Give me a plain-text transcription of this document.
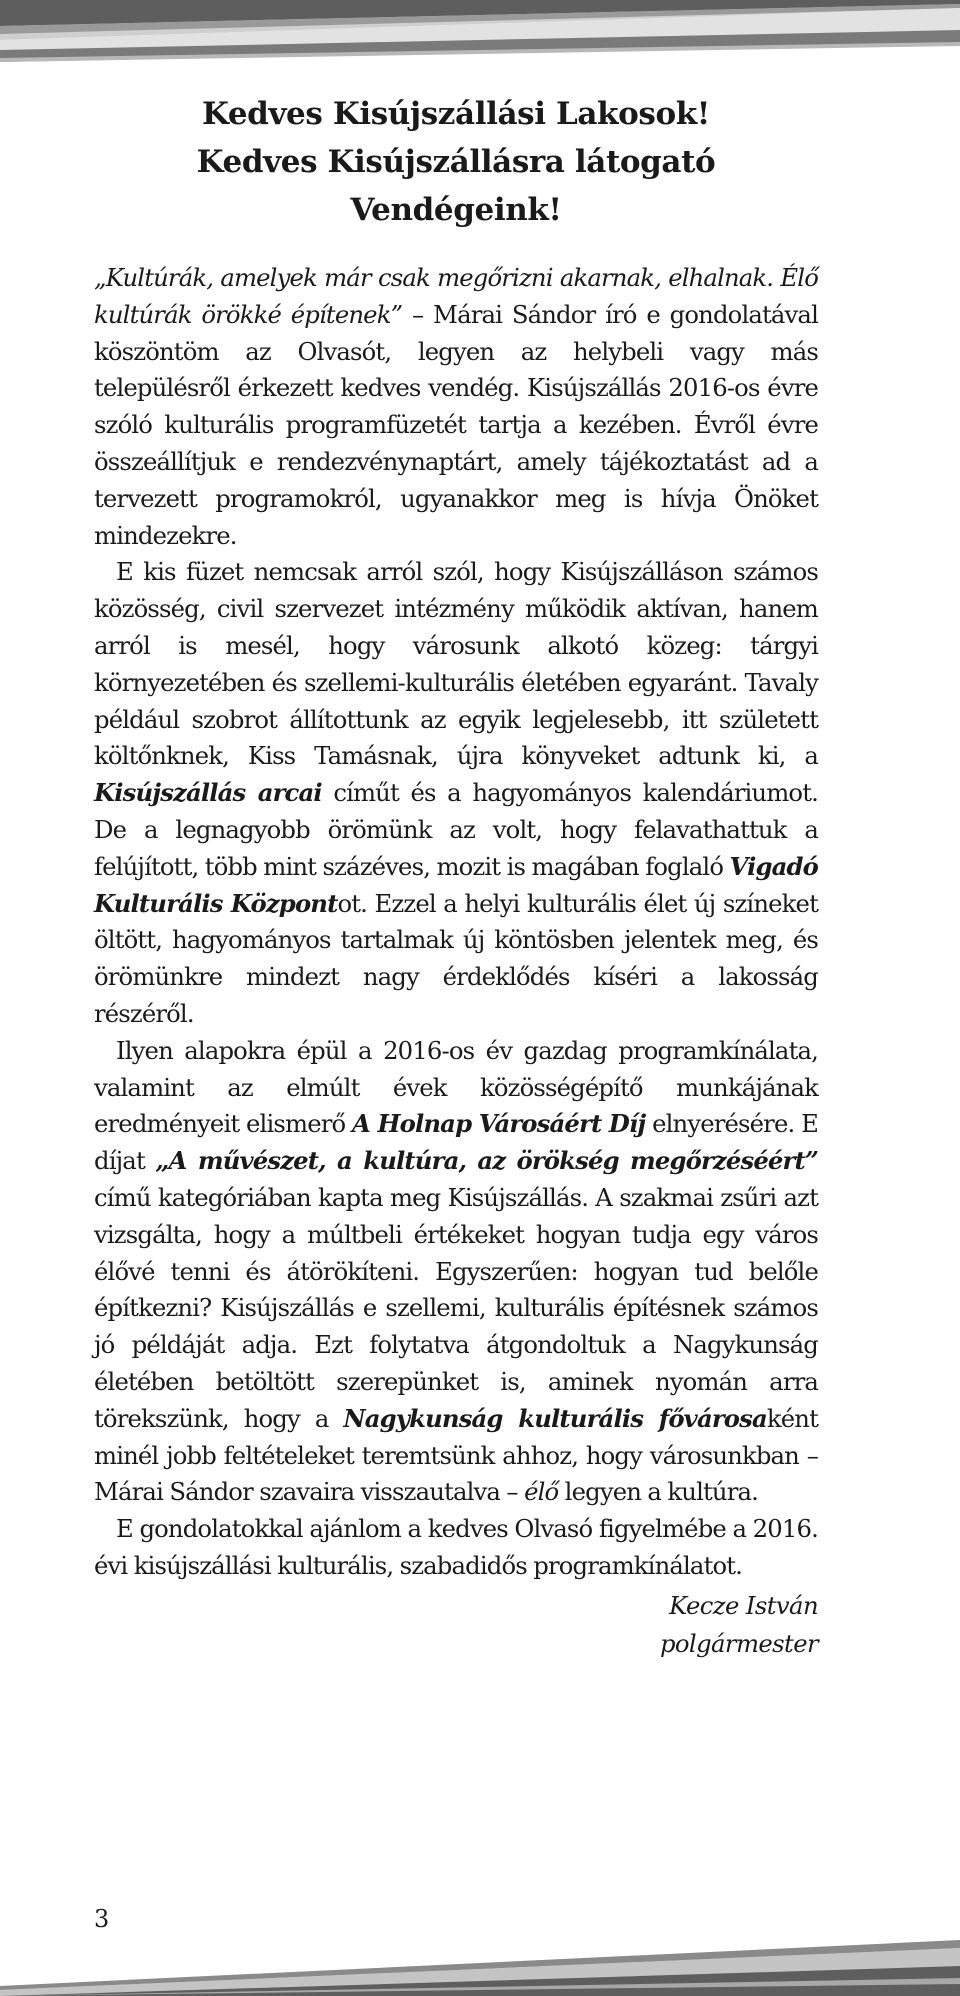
Kedves Kisújszállási Lakosok!
Kedves Kisújszállásra látogató Vendégeink!

„Kultúrák, amelyek már csak megőrizni akarnak, elhalnak. Élő kultúrák örökké építenek” – Márai Sándor író e gondolatával köszöntöm az Olvasót, legyen az helybeli vagy más településről érkezett kedves vendég. Kisújszállás 2016-os évre szóló kulturális programfüzetét tartja a kezében. Évről évre összeállítjuk e rendezvénynaptárt, amely tájékoztatást ad a tervezett programokról, ugyanakkor meg is hívja Önöket mindezekre.

E kis füzet nemcsak arról szól, hogy Kisújszálláson számos közösség, civil szervezet intézmény működik aktívan, hanem arról is mesél, hogy városunk alkotó közeg: tárgyi környezetében és szellemi-kulturális életében egyaránt. Tavaly például szobrot állítottunk az egyik legjelesebb, itt született költőnknek, Kiss Tamásnak, újra könyveket adtunk ki, a Kisújszállás arcai címűt és a hagyományos kalendáriumot. De a legnagyobb örömünk az volt, hogy felavathattuk a felújított, több mint százéves, mozit is magában foglaló Vigadó Kulturális Központot. Ezzel a helyi kulturális élet új színeket öltött, hagyományos tartalmak új köntösben jelentek meg, és örömünkre mindezt nagy érdeklődés kíséri a lakosság részéről.

Ilyen alapokra épül a 2016-os év gazdag programkínálata, valamint az elmúlt évek közösségépítő munkájának eredményeit elismerő A Holnap Városáért Díj elnyerésére. E díjat „A művészet, a kultúra, az örökség megőrzéséért” című kategóriában kapta meg Kisújszállás. A szakmai zsűri azt vizsgálta, hogy a múltbeli értékeket hogyan tudja egy város élővé tenni és átörökíteni. Egyszerűen: hogyan tud belőle építkezni? Kisújszállás e szellemi, kulturális építésnek számos jó példáját adja. Ezt folytatva átgondoltuk a Nagykunság életében betöltött szerepünket is, aminek nyomán arra törekszünk, hogy a Nagykunság kulturális fővárosaként minél jobb feltételeket teremtsünk ahhoz, hogy városunkban – Márai Sándor szavaira visszautalva – élő legyen a kultúra.

E gondolatokkal ajánlom a kedves Olvasó figyelmébe a 2016. évi kisújszállási kulturális, szabadidős programkínálatot.

Kecze István
polgármester
3
